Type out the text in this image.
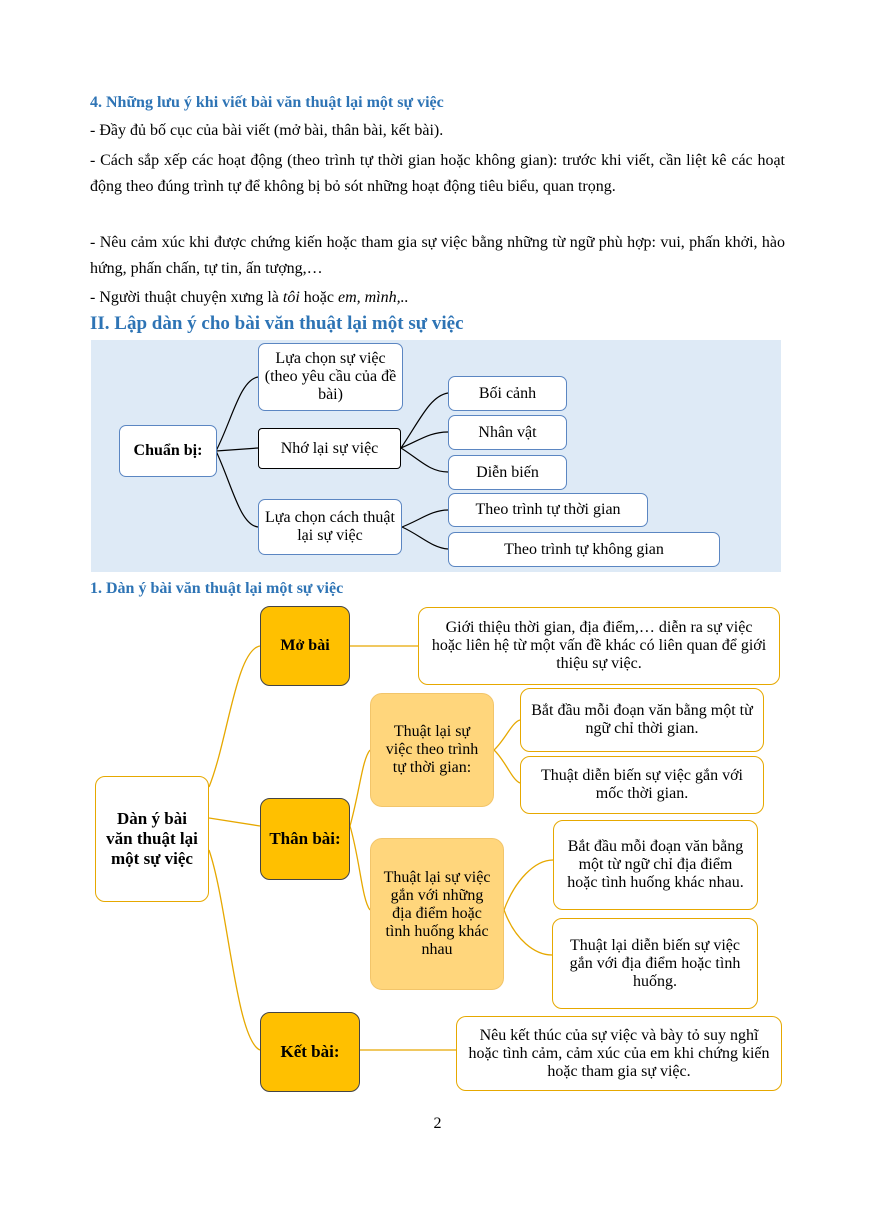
4. Những lưu ý khi viết bài văn thuật lại một sự việc
- Đầy đủ bố cục của bài viết (mở bài, thân bài, kết bài).
- Cách sắp xếp các hoạt động (theo trình tự thời gian hoặc không gian): trước khi viết, cần liệt kê các hoạt động theo đúng trình tự để không bị bỏ sót những hoạt động tiêu biểu, quan trọng.
- Nêu cảm xúc khi được chứng kiến hoặc tham gia sự việc bằng những từ ngữ phù hợp: vui, phấn khởi, hào hứng, phấn chấn, tự tin, ấn tượng,…
- Người thuật chuyện xưng là tôi hoặc em, mình,..
II. Lập dàn ý cho bài văn thuật lại một sự việc
Chuẩn bị:
Lựa chọn sự việc (theo yêu cầu của đề bài)
Nhớ lại sự việc
Bối cảnh
Nhân vật
Diễn biến
Lựa chọn cách thuật lại sự việc
Theo trình tự thời gian
Theo trình tự không gian
1. Dàn ý bài văn thuật lại một sự việc
Dàn ý bài văn thuật lại một sự việc
Mở bài
Giới thiệu thời gian, địa điểm,… diễn ra sự việc hoặc liên hệ từ một vấn đề khác có liên quan để giới thiệu sự việc.
Thân bài:
Thuật lại sự việc theo trình tự thời gian:
Bắt đầu mỗi đoạn văn bằng một từ ngữ chỉ thời gian.
Thuật diễn biến sự việc gắn với mốc thời gian.
Thuật lại sự việc gắn với những địa điểm hoặc tình huống khác nhau
Bắt đầu mỗi đoạn văn bằng một từ ngữ chỉ địa điểm hoặc tình huống khác nhau.
Thuật lại diễn biến sự việc gắn với địa điểm hoặc tình huống.
Kết bài:
Nêu kết thúc của sự việc và bày tỏ suy nghĩ hoặc tình cảm, cảm xúc của em khi chứng kiến hoặc tham gia sự việc.
2
